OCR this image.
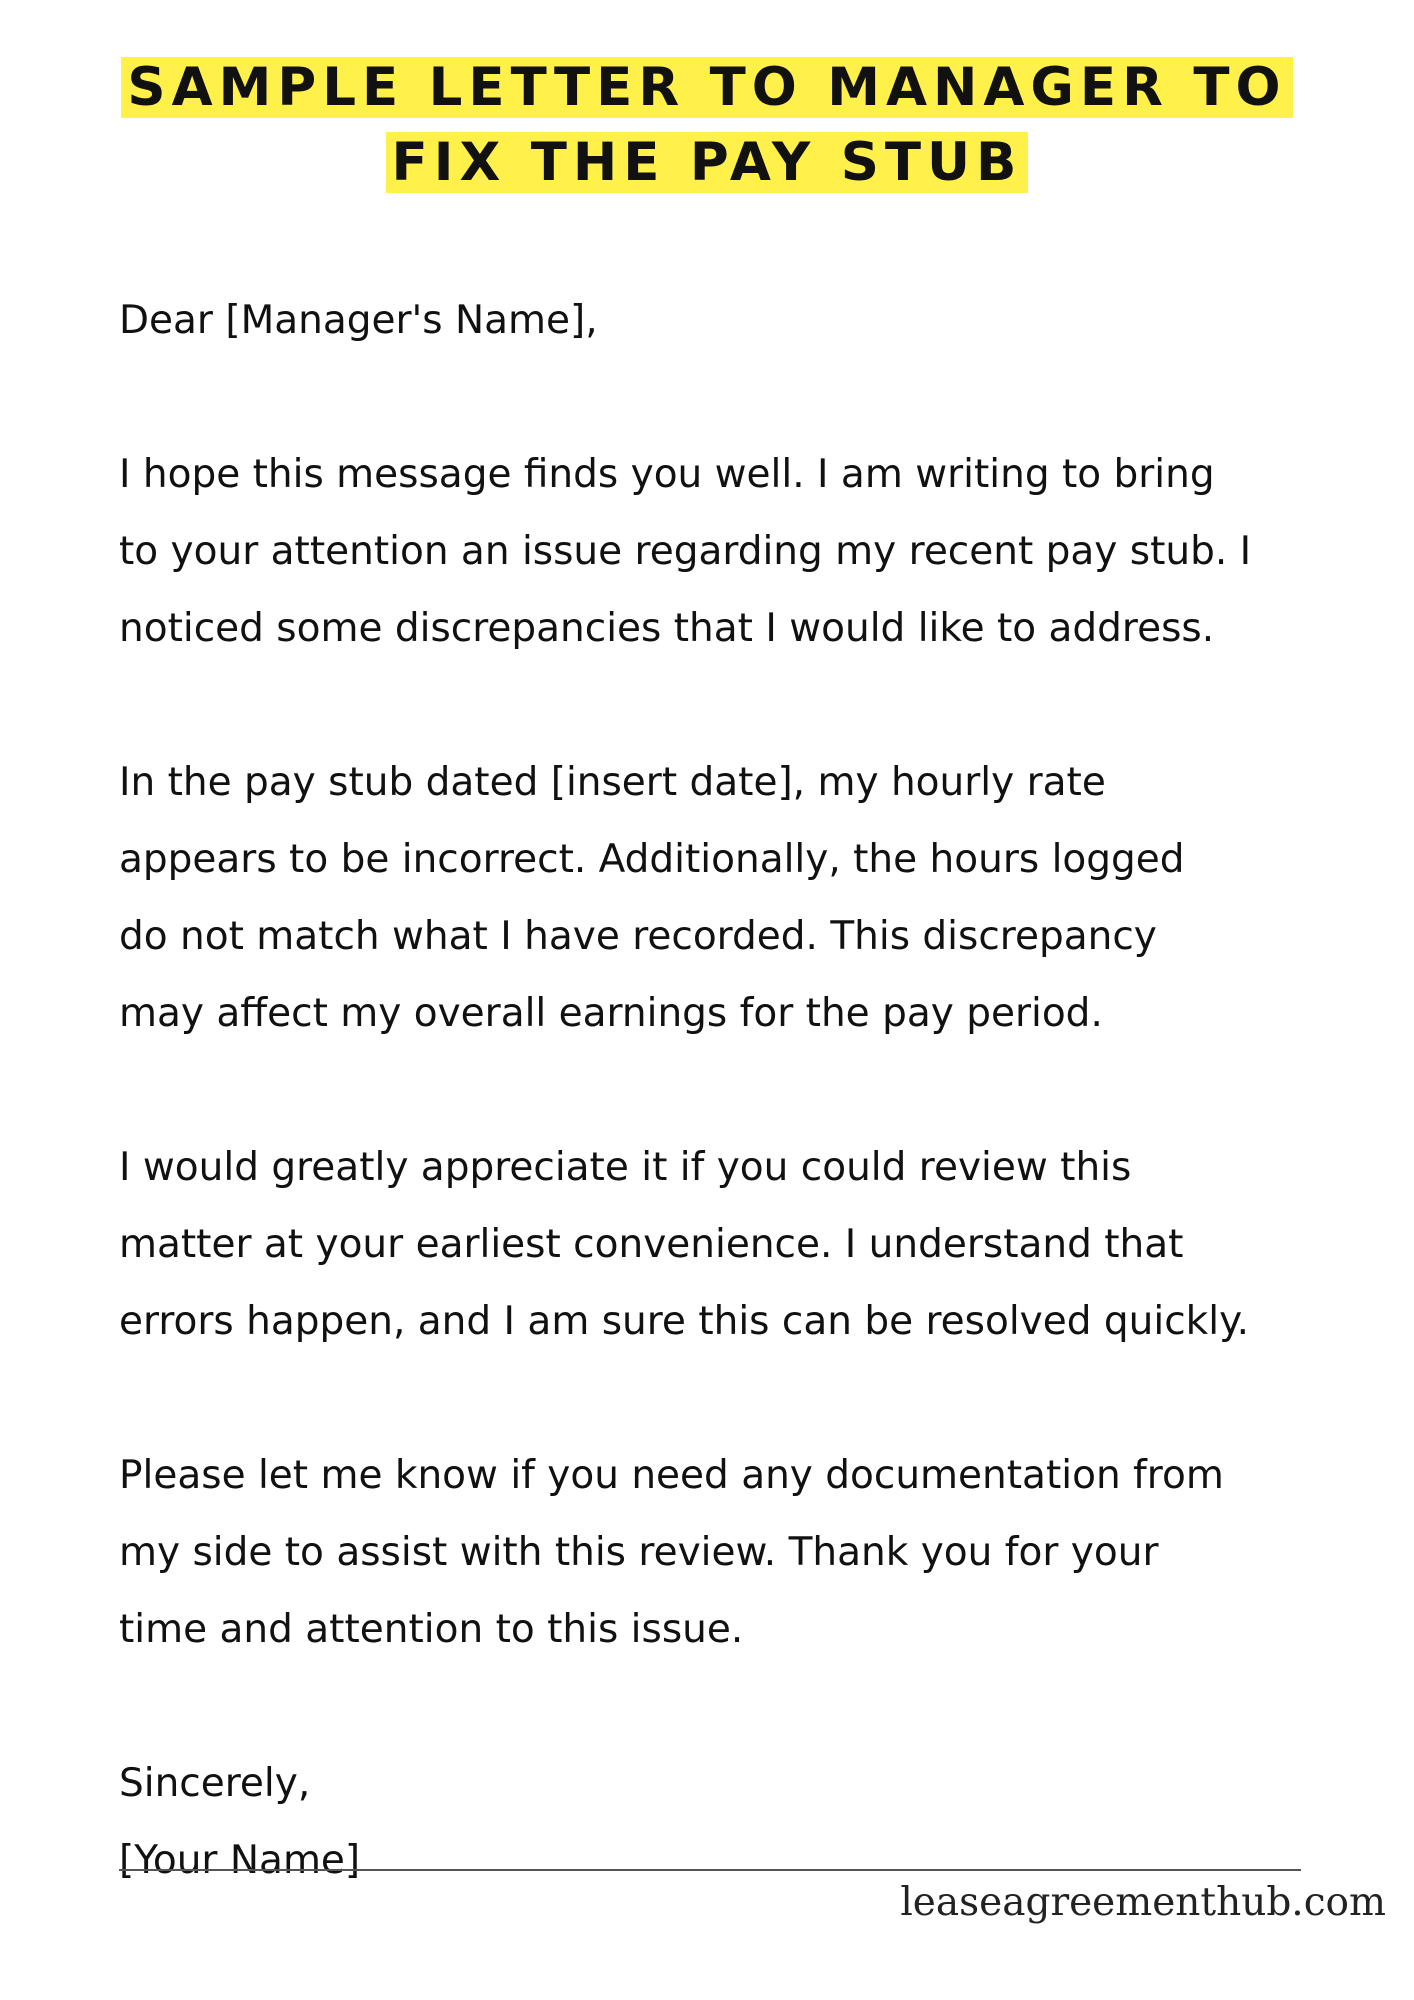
SAMPLE LETTER TO MANAGER TO
FIX THE PAY STUB

Dear [Manager's Name],

I hope this message finds you well. I am writing to bring

to your attention an issue regarding my recent pay stub. I

noticed some discrepancies that I would like to address.

In the pay stub dated [insert date], my hourly rate

appears to be incorrect. Additionally, the hours logged

do not match what I have recorded. This discrepancy

may affect my overall earnings for the pay period.

I would greatly appreciate it if you could review this

matter at your earliest convenience. I understand that

errors happen, and I am sure this can be resolved quickly.

Please let me know if you need any documentation from

my side to assist with this review. Thank you for your

time and attention to this issue.

Sincerely,

[Your Name]

leaseagreementhub.com
